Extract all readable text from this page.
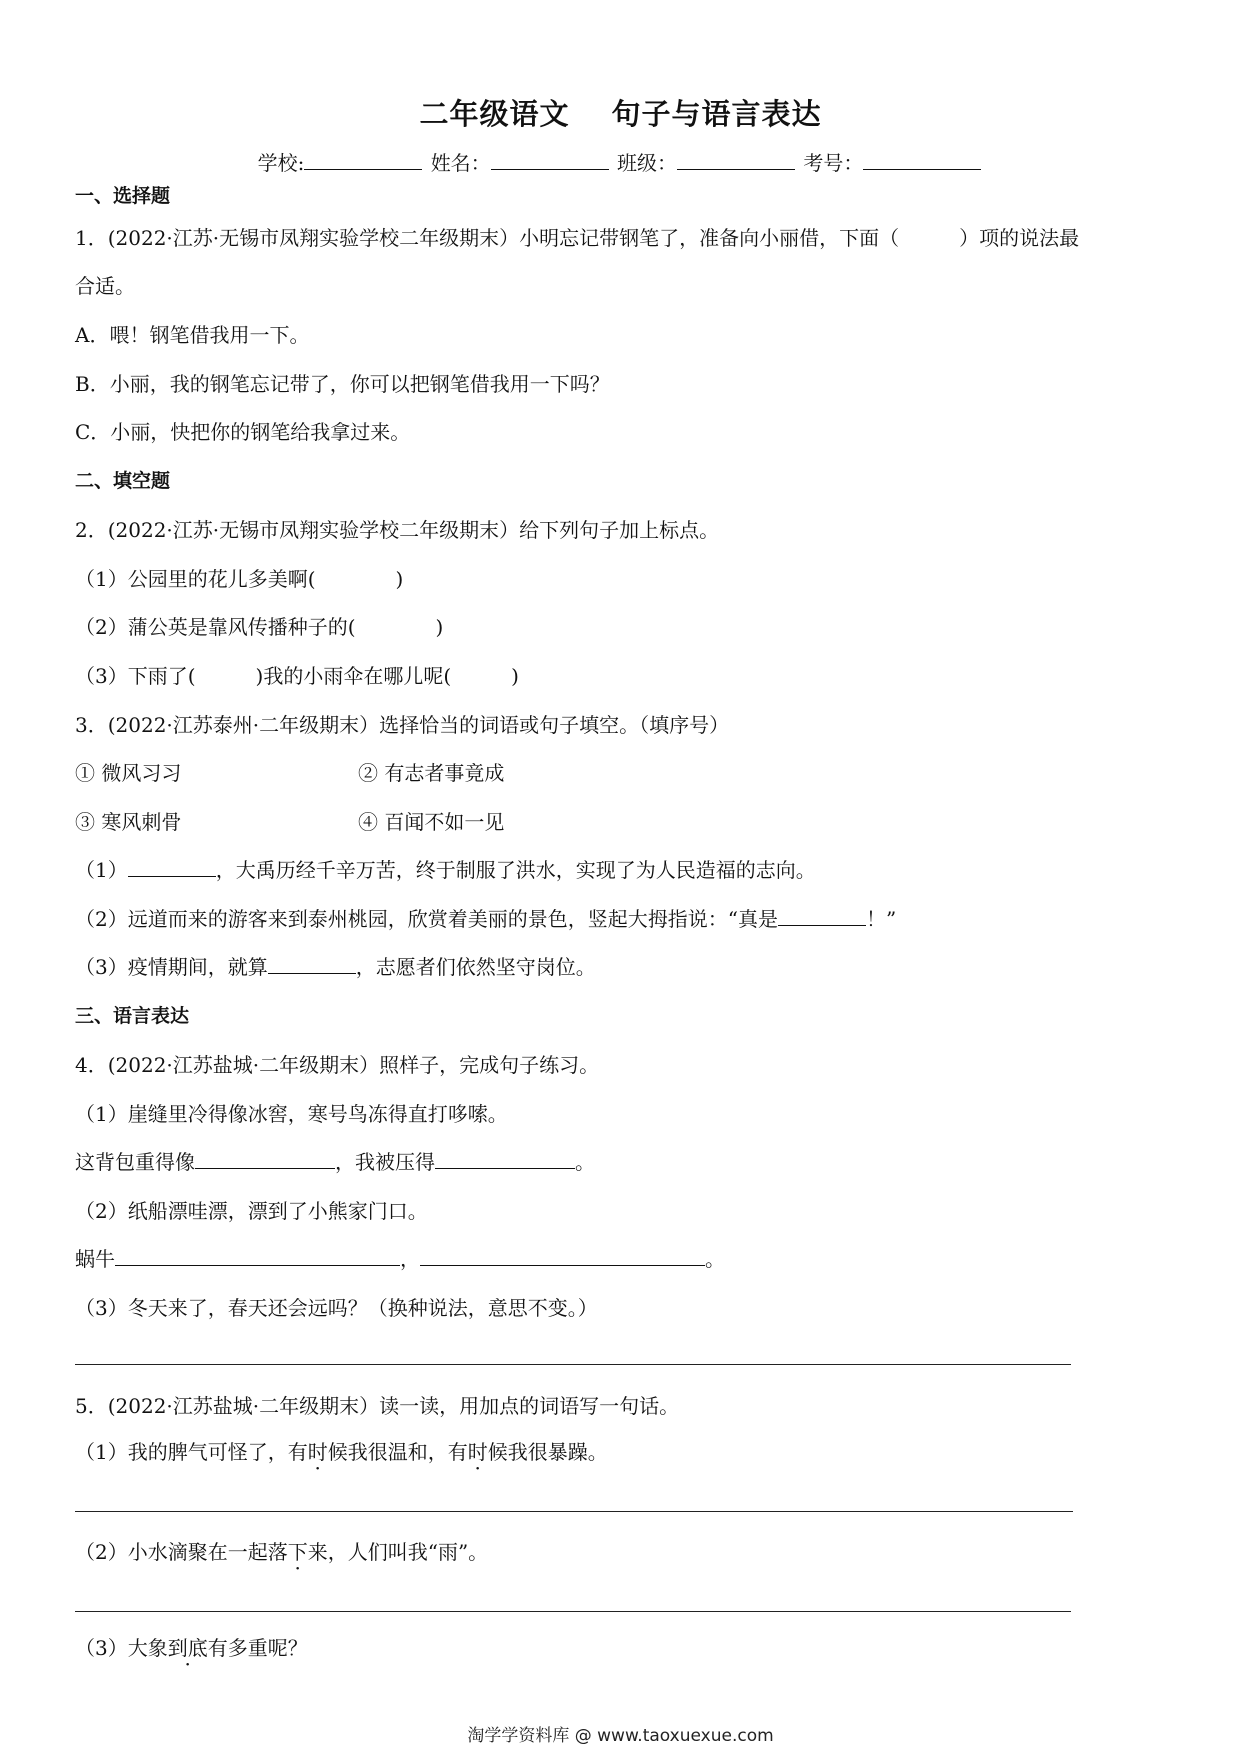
二年级语文 句子与语言表达
学校:	姓名：	班级：	考号：
一、选择题
1．(2022·江苏·无锡市凤翔实验学校二年级期末）小明忘记带钢笔了，准备向小丽借，下面（　　　）项的说法最
合适。
A．喂！钢笔借我用一下。
B．小丽，我的钢笔忘记带了，你可以把钢笔借我用一下吗？
C．小丽，快把你的钢笔给我拿过来。
二、填空题
2．(2022·江苏·无锡市凤翔实验学校二年级期末）给下列句子加上标点。
（1）公园里的花儿多美啊(　　　　)
（2）蒲公英是靠风传播种子的(　　　　)
（3）下雨了(　　　)我的小雨伞在哪儿呢(　　　)
3．(2022·江苏泰州·二年级期末）选择恰当的词语或句子填空。（填序号）
① 微风习习	② 有志者事竟成
③ 寒风刺骨	④ 百闻不如一见
（1）	，大禹历经千辛万苦，终于制服了洪水，实现了为人民造福的志向。
（2）远道而来的游客来到泰州桃园，欣赏着美丽的景色，竖起大拇指说：“真是	！”
（3）疫情期间，就算	，志愿者们依然坚守岗位。
三、语言表达
4．(2022·江苏盐城·二年级期末）照样子，完成句子练习。
（1）崖缝里冷得像冰窖，寒号鸟冻得直打哆嗦。
这背包重得像	，我被压得	。
（2）纸船漂哇漂，漂到了小熊家门口。
蜗牛	，	。
（3）冬天来了，春天还会远吗？（换种说法，意思不变。）
5．(2022·江苏盐城·二年级期末）读一读，用加点的词语写一句话。
（1）我的脾气可怪了，有时候我很温和，有时候我很暴躁。
（2）小水滴聚在一起落下来，人们叫我“雨”。
（3）大象到底有多重呢？
淘学学资料库 @ www.taoxuexue.com
